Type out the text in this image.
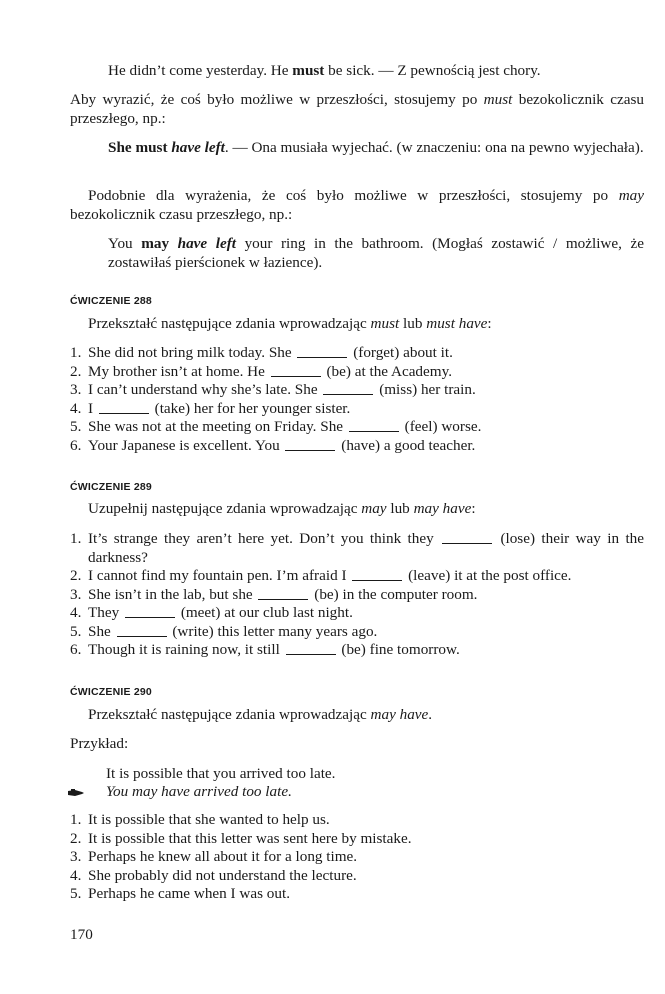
He didn’t come yesterday. He must be sick. — Z pewnością jest chory.
Aby wyrazić, że coś było możliwe w przeszłości, stosujemy po must bezokolicznik czasu przeszłego, np.:
She must have left. — Ona musiała wyjechać. (w znaczeniu: ona na pewno wyjechała).
Podobnie dla wyrażenia, że coś było możliwe w przeszłości, stosujemy po may bezokolicznik czasu przeszłego, np.:
You may have left your ring in the bathroom. (Mogłaś zostawić / możliwe, że zostawiłaś pierścionek w łazience).
ĆWICZENIE 288
Przekształć następujące zdania wprowadzając must lub must have:
1. She did not bring milk today. She	(forget) about it.
2. My brother isn’t at home. He	(be) at the Academy.
3. I can’t understand why she’s late. She	(miss) her train.
4. I	(take) her for her younger sister.
5. She was not at the meeting on Friday. She	(feel) worse.
6. Your Japanese is excellent. You	(have) a good teacher.
ĆWICZENIE 289
Uzupełnij następujące zdania wprowadzając may lub may have:
1. It’s strange they aren’t here yet. Don’t you think they	(lose) their way in the darkness?
2. I cannot find my fountain pen. I’m afraid I	(leave) it at the post office.
3. She isn’t in the lab, but she	(be) in the computer room.
4. They	(meet) at our club last night.
5. She	(write) this letter many years ago.
6. Though it is raining now, it still	(be) fine tomorrow.
ĆWICZENIE 290
Przekształć następujące zdania wprowadzając may have.
Przykład:
It is possible that you arrived too late.
You may have arrived too late.
1. It is possible that she wanted to help us.
2. It is possible that this letter was sent here by mistake.
3. Perhaps he knew all about it for a long time.
4. She probably did not understand the lecture.
5. Perhaps he came when I was out.
170
